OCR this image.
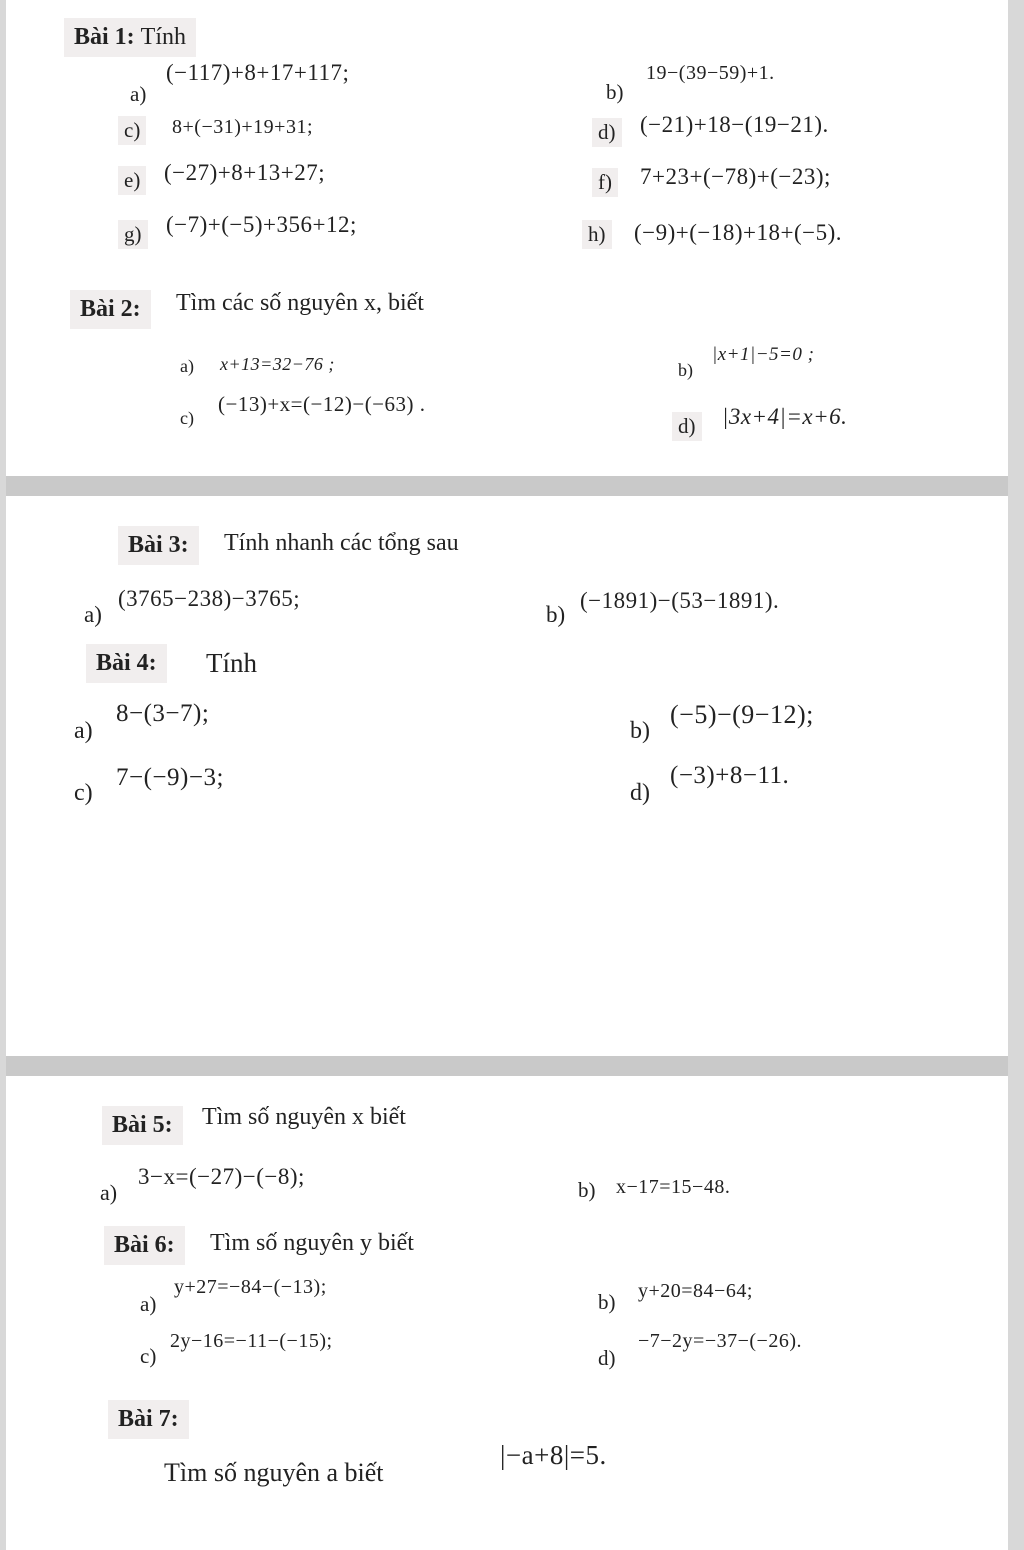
Bài 1: Tính
a)
(−117)+8+17+117;
b)
19−(39−59)+1.
c)	8+(−31)+19+31;	d) (−21)+18−(19−21).
e) (−27)+8+13+27;	f) 7+23+(−78)+(−23);
g) (−7)+(−5)+356+12;	h) (−9)+(−18)+18+(−5).
Bài 2:	Tìm các số nguyên x, biết
a) x+13=32−76 ;	b)
|x+1|−5=0 ;
c)
(−13)+x=(−12)−(−63) .
d) |3x+4|=x+6.
Bài 3:	Tính nhanh các tổng sau
a)
(3765−238)−3765;
b)
(−1891)−(53−1891).
Bài 4:	Tính
a)
8−(3−7);
b)
(−5)−(9−12);
c)
7−(−9)−3;
d)
(−3)+8−11.
Bài 5:	Tìm số nguyên x biết
a)
3−x=(−27)−(−8);
b) x−17=15−48.
Bài 6:	Tìm số nguyên y biết
a)
y+27=−84−(−13);
b) y+20=84−64;
c)
2y−16=−11−(−15);
d)
−7−2y=−37−(−26).
Bài 7:
Tìm số nguyên a biết
|−a+8|=5.
